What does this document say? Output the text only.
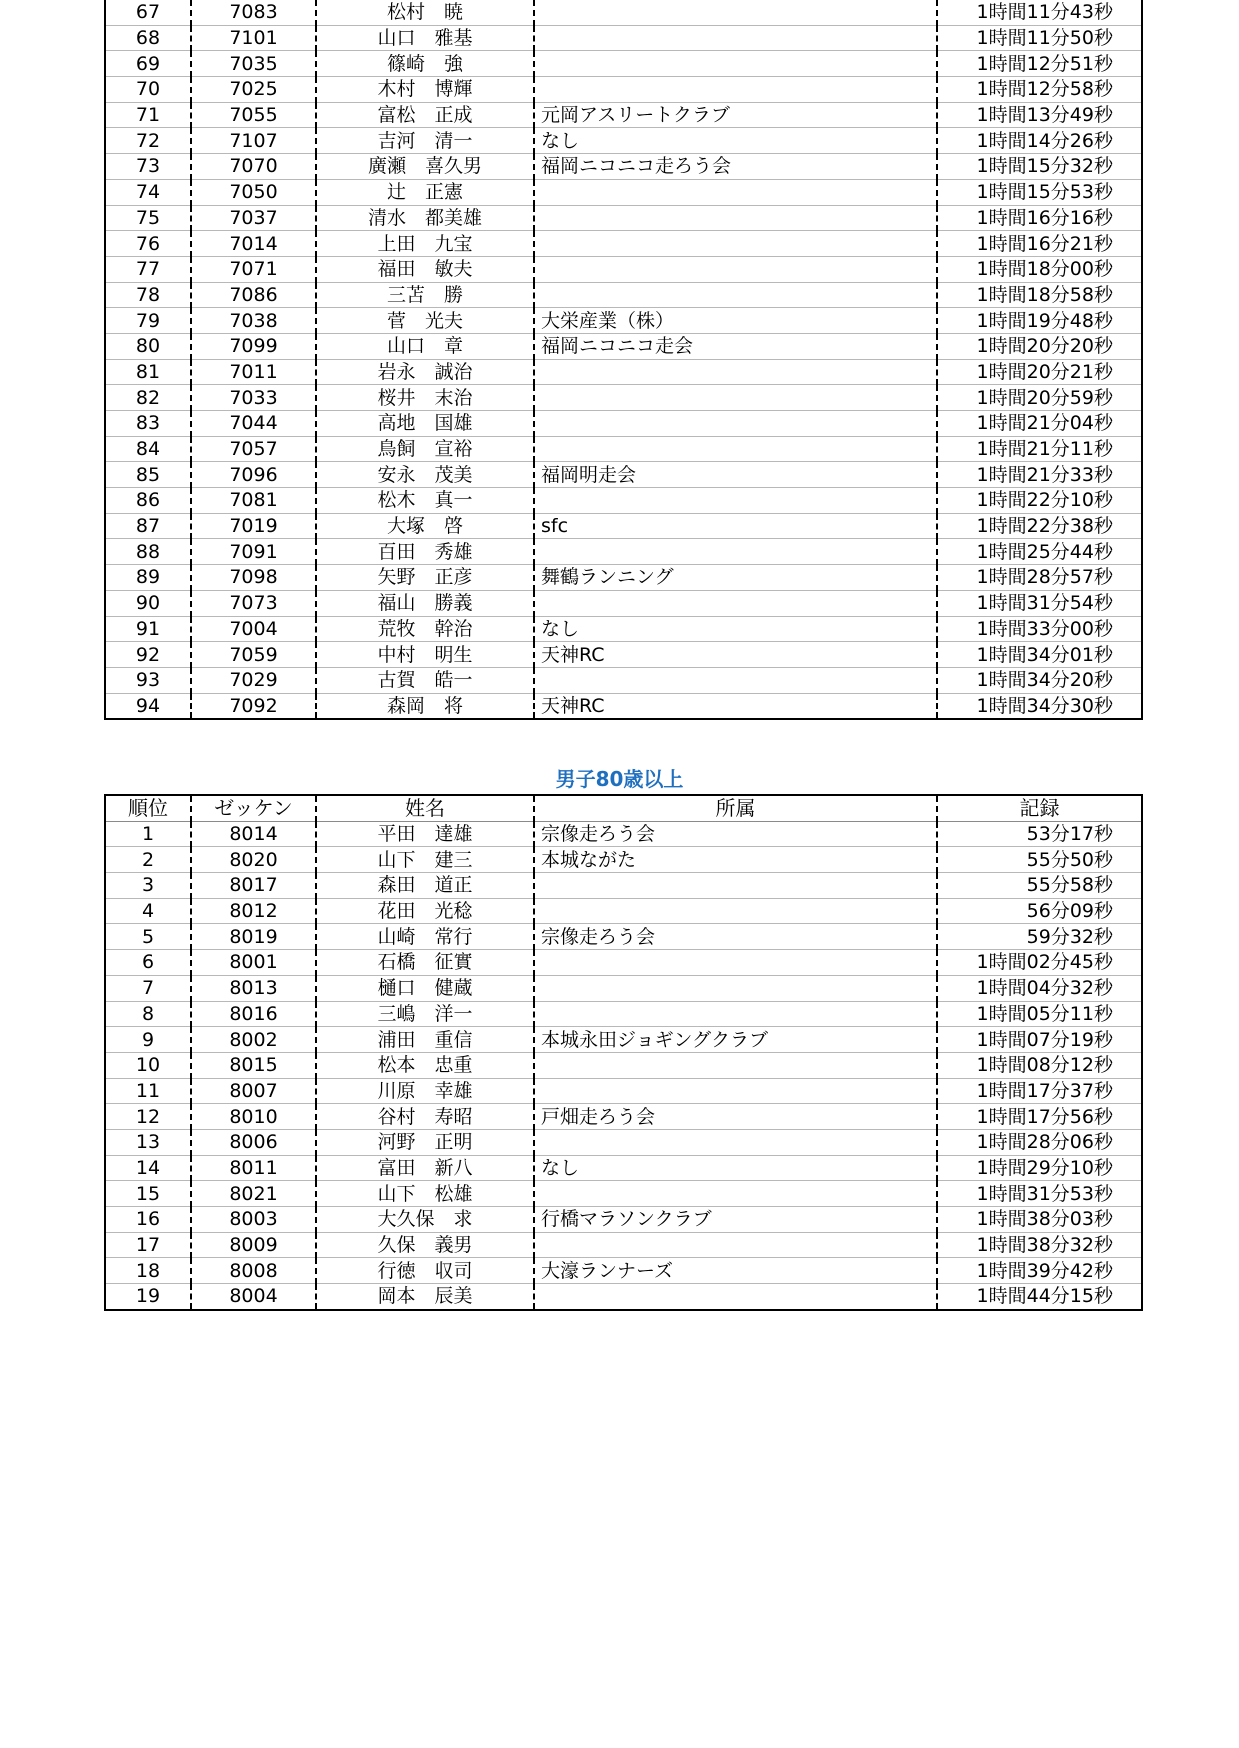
67	7083	松村　暁		1時間11分43秒
68	7101	山口　雅基		1時間11分50秒
69	7035	篠崎　強		1時間12分51秒
70	7025	木村　博輝		1時間12分58秒
71	7055	富松　正成	元岡アスリートクラブ	1時間13分49秒
72	7107	吉河　清一	なし	1時間14分26秒
73	7070	廣瀬　喜久男	福岡ニコニコ走ろう会	1時間15分32秒
74	7050	辻　正憲		1時間15分53秒
75	7037	清水　都美雄		1時間16分16秒
76	7014	上田　九宝		1時間16分21秒
77	7071	福田　敏夫		1時間18分00秒
78	7086	三苫　勝		1時間18分58秒
79	7038	菅　光夫	大栄産業（株）	1時間19分48秒
80	7099	山口　章	福岡ニコニコ走会	1時間20分20秒
81	7011	岩永　誠治		1時間20分21秒
82	7033	桜井　末治		1時間20分59秒
83	7044	高地　国雄		1時間21分04秒
84	7057	鳥飼　宣裕		1時間21分11秒
85	7096	安永　茂美	福岡明走会	1時間21分33秒
86	7081	松木　真一		1時間22分10秒
87	7019	大塚　啓	sfc	1時間22分38秒
88	7091	百田　秀雄		1時間25分44秒
89	7098	矢野　正彦	舞鶴ランニング	1時間28分57秒
90	7073	福山　勝義		1時間31分54秒
91	7004	荒牧　幹治	なし	1時間33分00秒
92	7059	中村　明生	天神RC	1時間34分01秒
93	7029	古賀　皓一		1時間34分20秒
94	7092	森岡　将	天神RC	1時間34分30秒
男子80歳以上
順位	ゼッケン	姓名	所属	記録
1	8014	平田　達雄	宗像走ろう会	53分17秒
2	8020	山下　建三	本城ながた	55分50秒
3	8017	森田　道正		55分58秒
4	8012	花田　光稔		56分09秒
5	8019	山崎　常行	宗像走ろう会	59分32秒
6	8001	石橋　征實		1時間02分45秒
7	8013	樋口　健蔵		1時間04分32秒
8	8016	三嶋　洋一		1時間05分11秒
9	8002	浦田　重信	本城永田ジョギングクラブ	1時間07分19秒
10	8015	松本　忠重		1時間08分12秒
11	8007	川原　幸雄		1時間17分37秒
12	8010	谷村　寿昭	戸畑走ろう会	1時間17分56秒
13	8006	河野　正明		1時間28分06秒
14	8011	富田　新八	なし	1時間29分10秒
15	8021	山下　松雄		1時間31分53秒
16	8003	大久保　求	行橋マラソンクラブ	1時間38分03秒
17	8009	久保　義男		1時間38分32秒
18	8008	行徳　収司	大濠ランナーズ	1時間39分42秒
19	8004	岡本　辰美		1時間44分15秒
